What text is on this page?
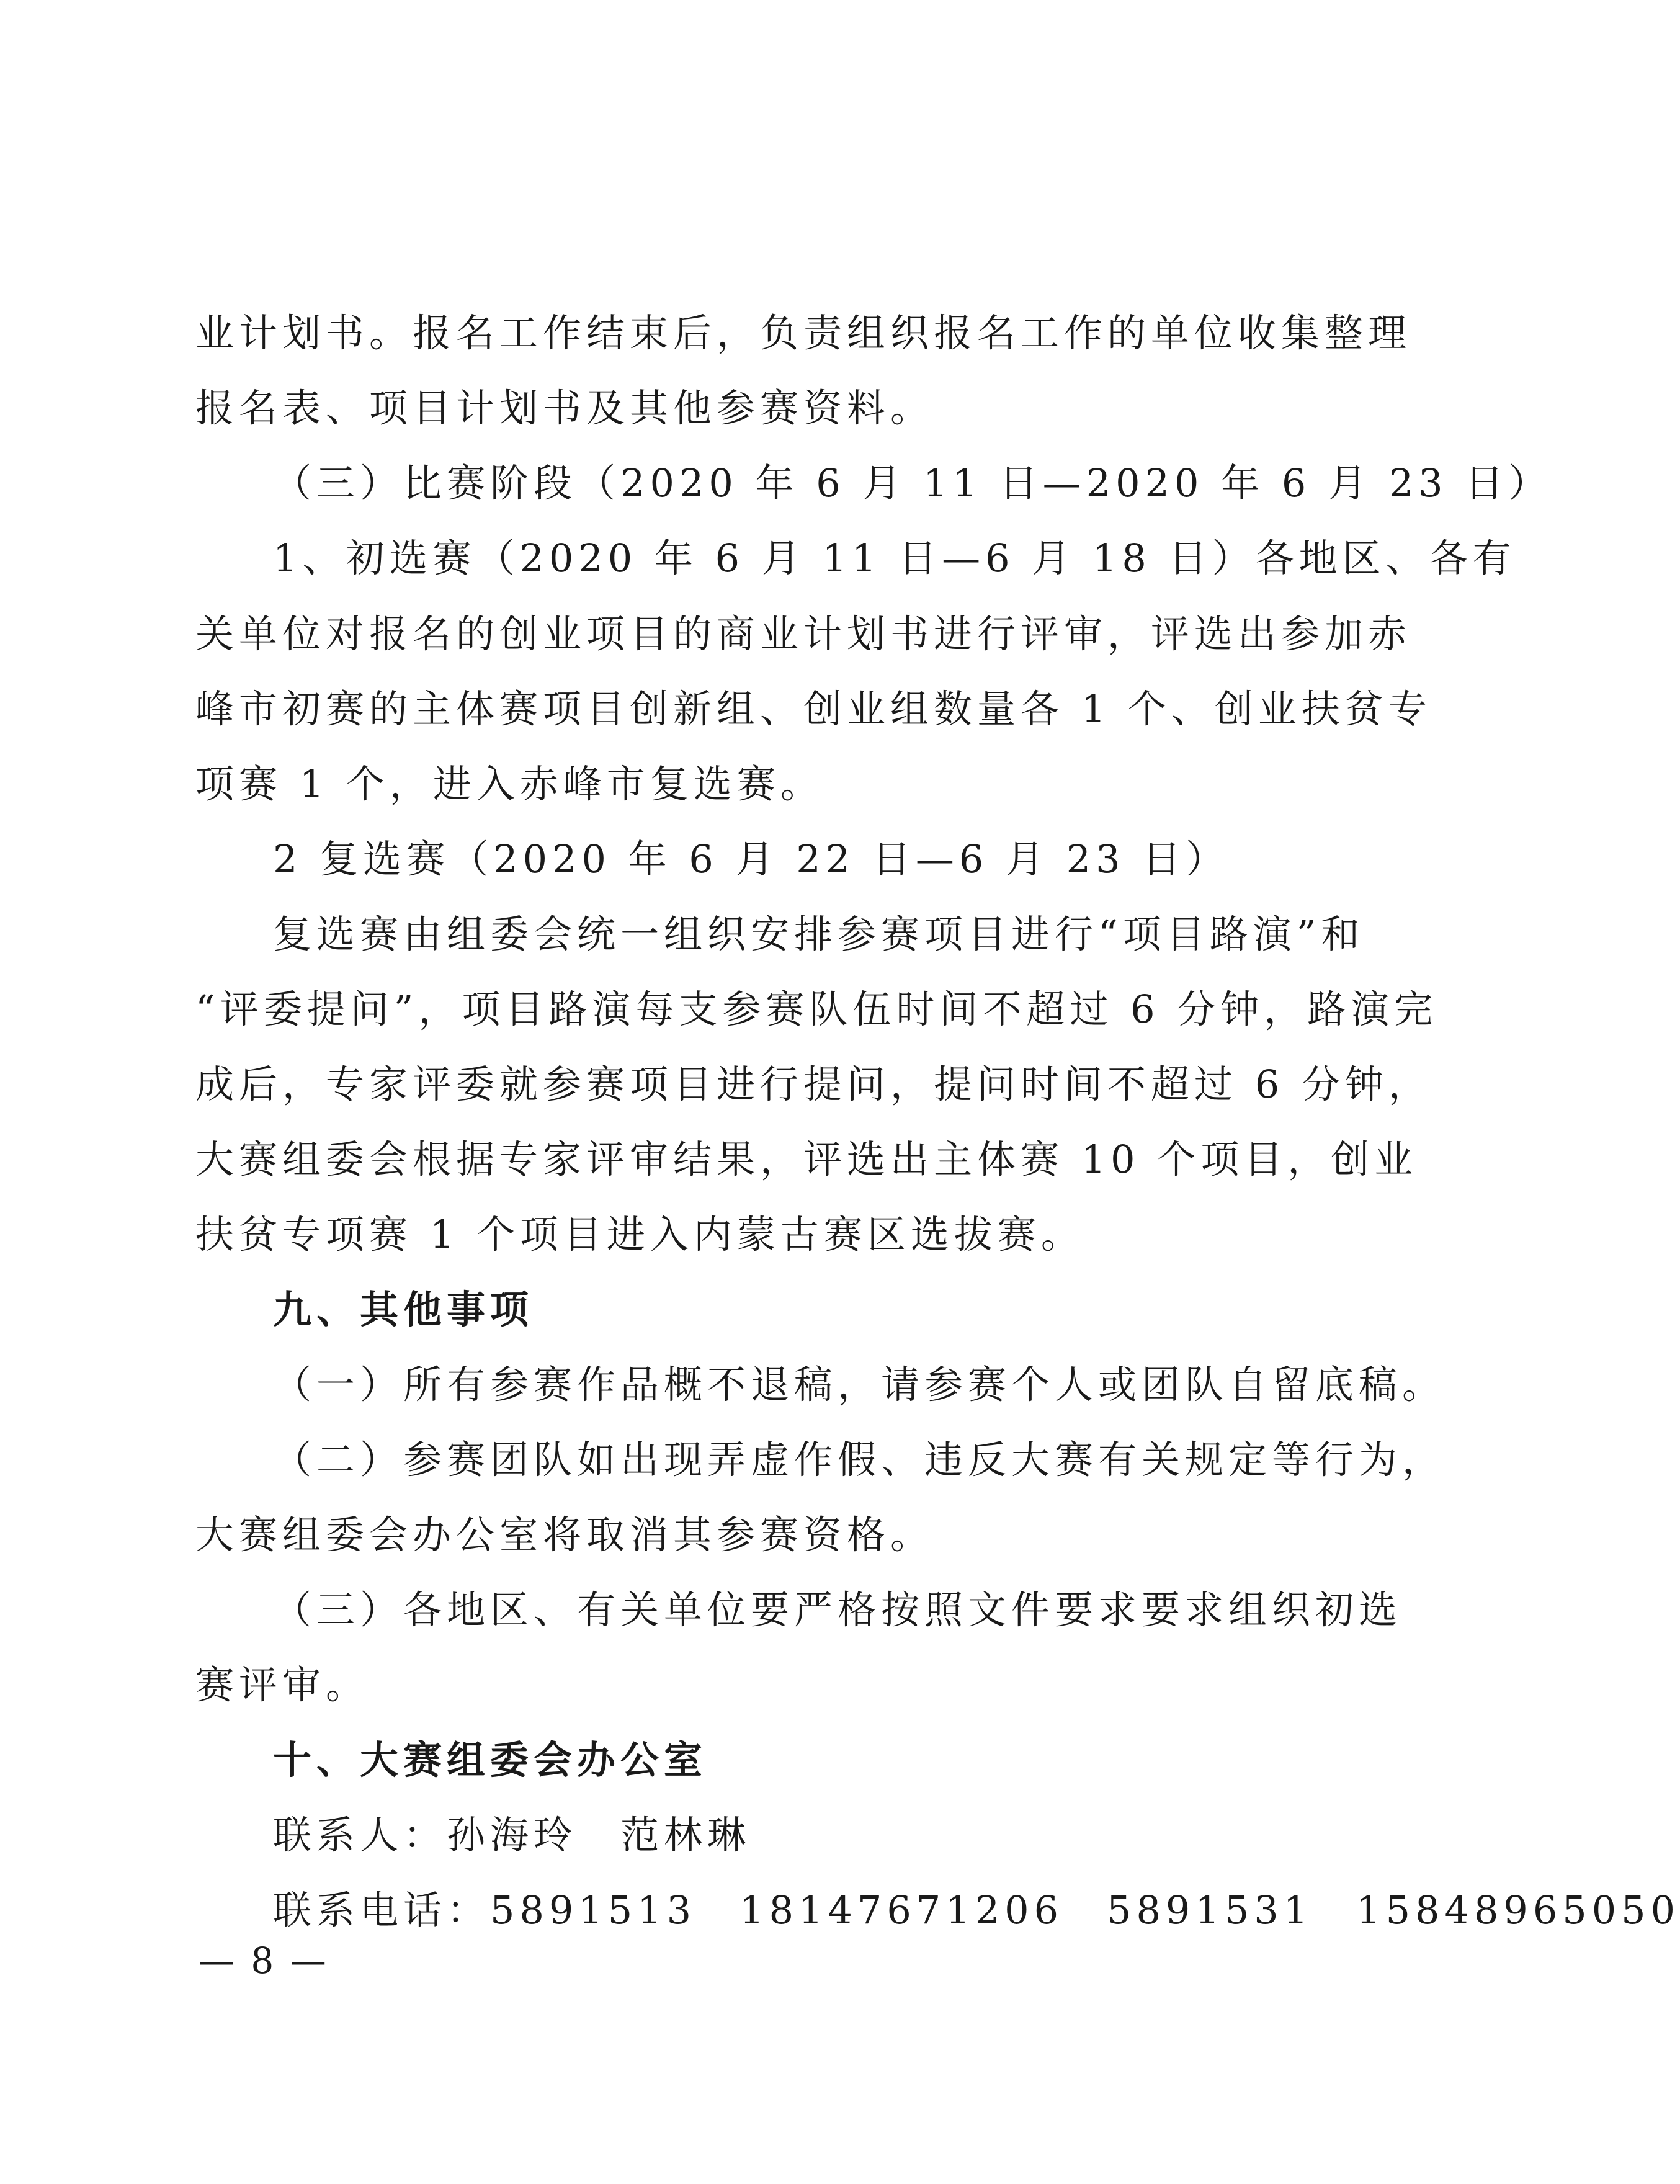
业计划书。报名工作结束后，负责组织报名工作的单位收集整理
报名表、项目计划书及其他参赛资料。
（三）比赛阶段（2020 年 6 月 11 日—2020 年 6 月 23 日）
1、初选赛（2020 年 6 月 11 日—6 月 18 日）各地区、各有
关单位对报名的创业项目的商业计划书进行评审，评选出参加赤
峰市初赛的主体赛项目创新组、创业组数量各 1 个、创业扶贫专
项赛 1 个，进入赤峰市复选赛。
2 复选赛（2020 年 6 月 22 日—6 月 23 日）
复选赛由组委会统一组织安排参赛项目进行“项目路演”和
“评委提问”，项目路演每支参赛队伍时间不超过 6 分钟，路演完
成后，专家评委就参赛项目进行提问，提问时间不超过 6 分钟，
大赛组委会根据专家评审结果，评选出主体赛 10 个项目，创业
扶贫专项赛 1 个项目进入内蒙古赛区选拔赛。
九、其他事项
（一）所有参赛作品概不退稿，请参赛个人或团队自留底稿。
（二）参赛团队如出现弄虚作假、违反大赛有关规定等行为，
大赛组委会办公室将取消其参赛资格。
（三）各地区、有关单位要严格按照文件要求要求组织初选
赛评审。
十、大赛组委会办公室
联系人：孙海玲　范林琳
联系电话：5891513　18147671206　5891531　15848965050
— 8 —
